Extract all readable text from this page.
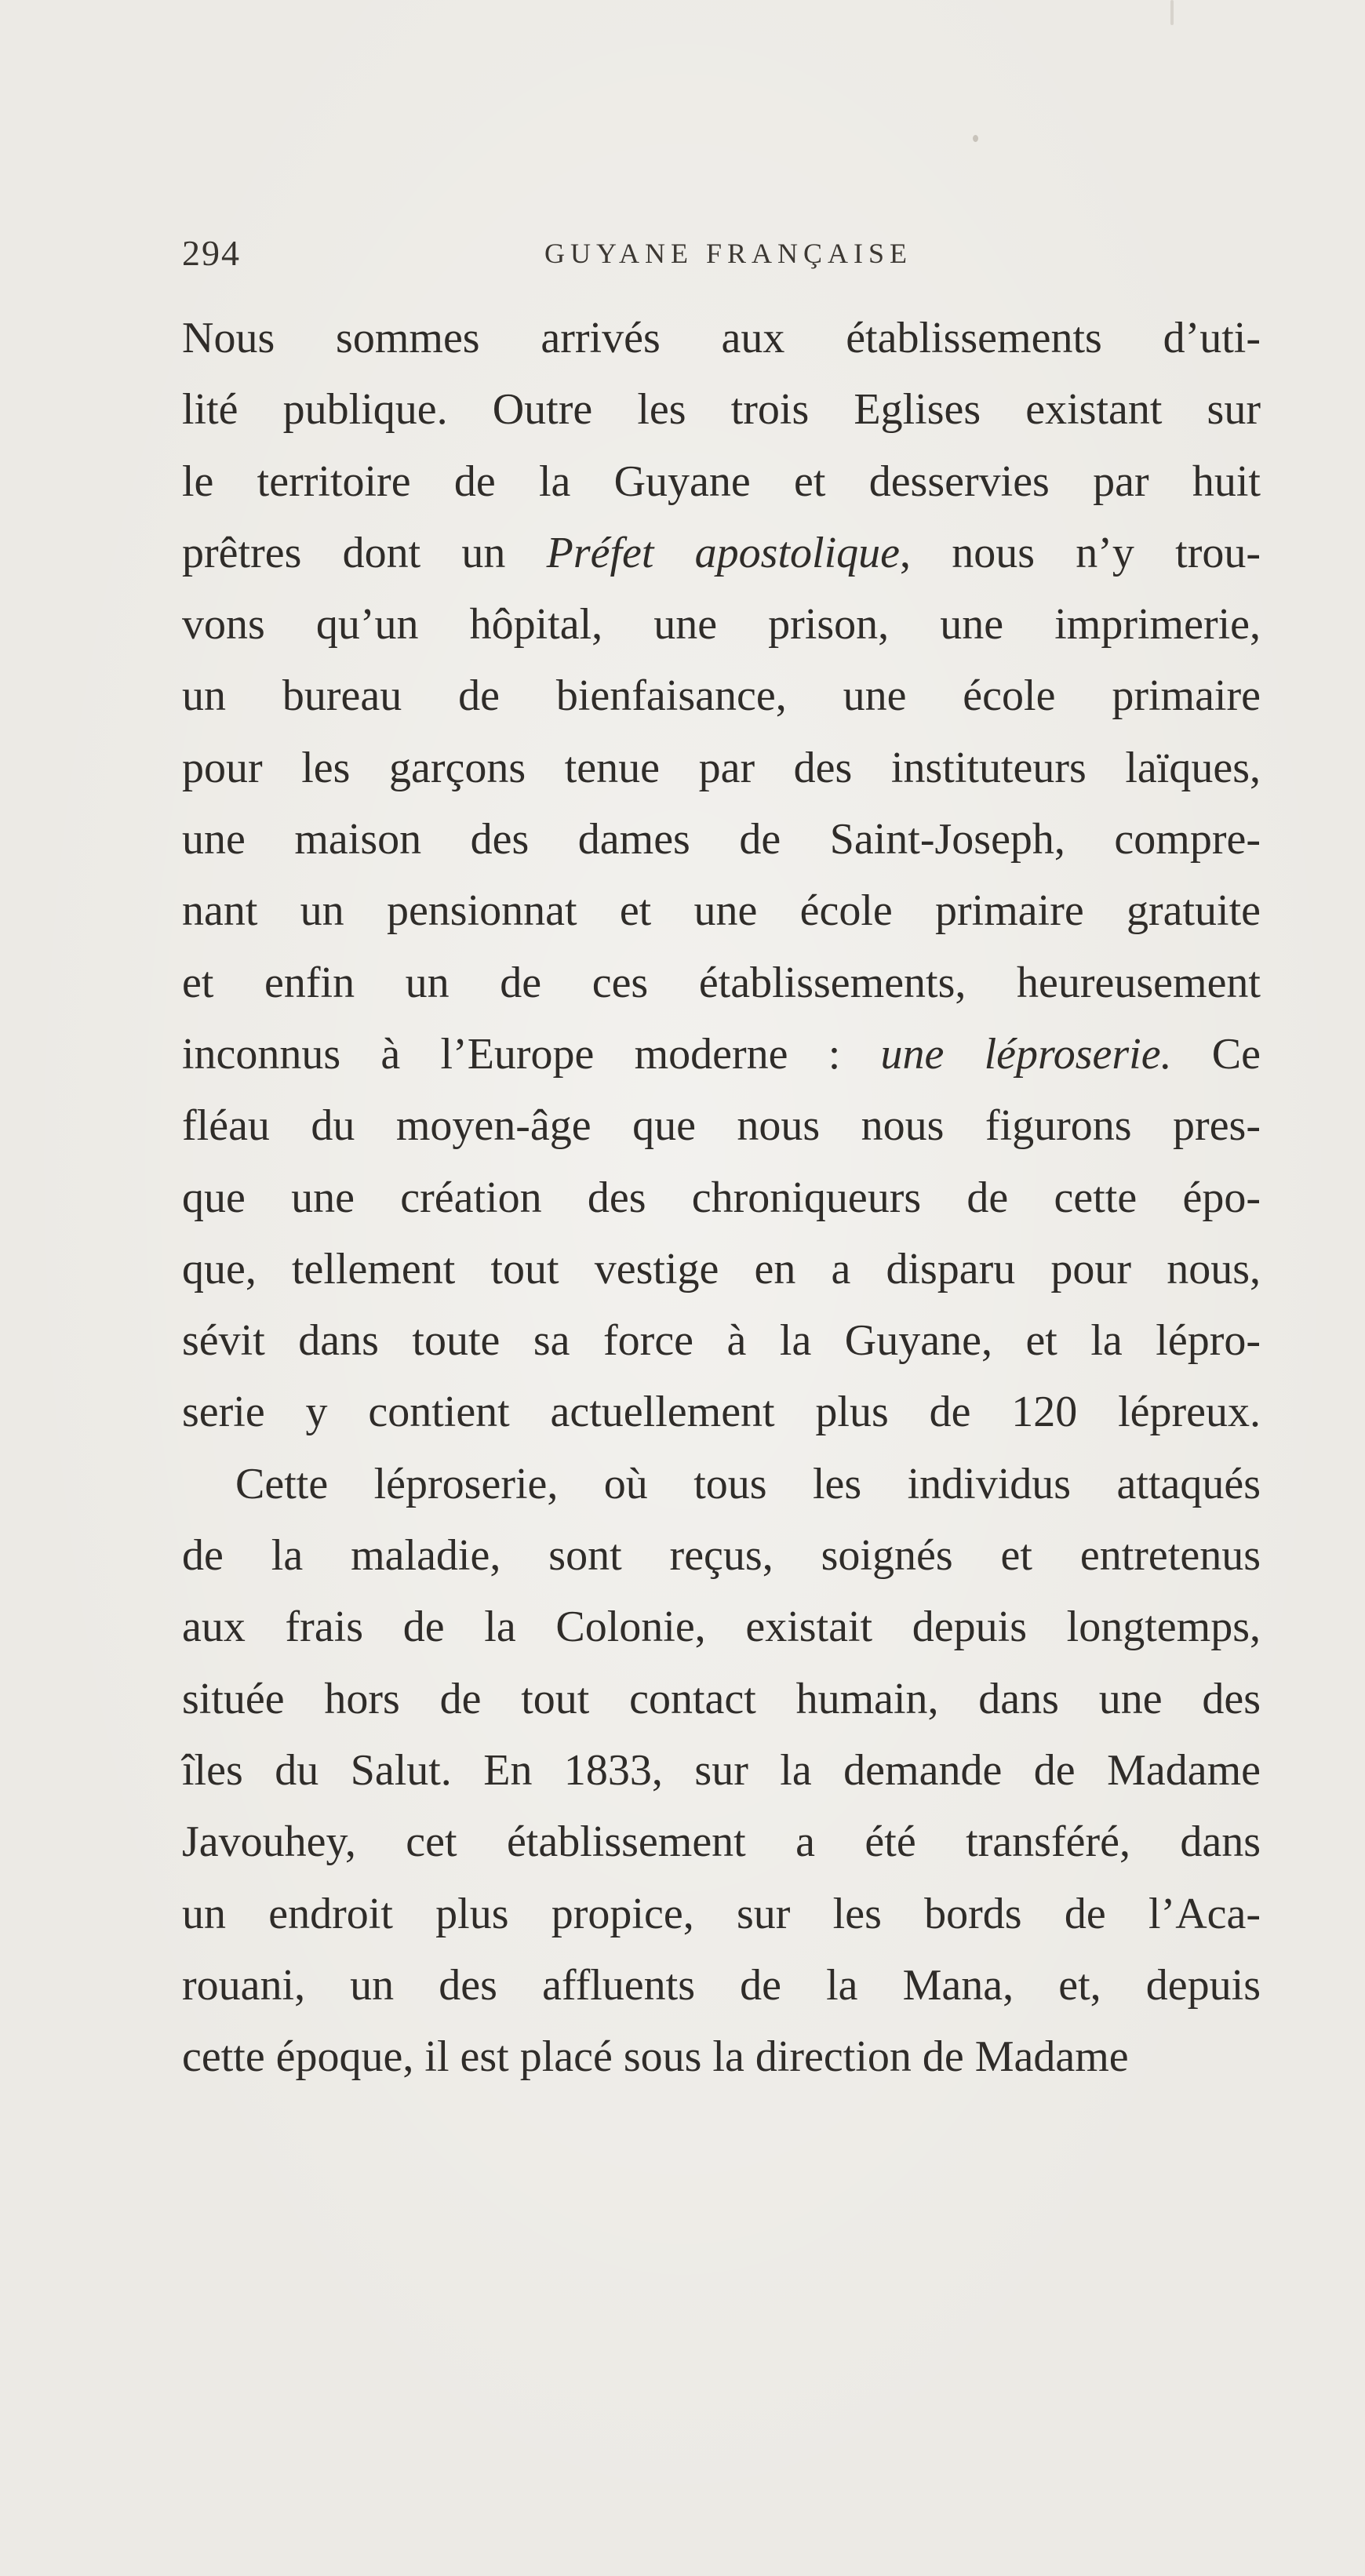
294	GUYANE FRANÇAISE
Nous sommes arrivés aux établissements d’uti-
lité publique. Outre les trois Eglises existant sur
le territoire de la Guyane et desservies par huit
prêtres dont un Préfet apostolique, nous n’y trou-
vons qu’un hôpital, une prison, une imprimerie,
un bureau de bienfaisance, une école primaire
pour les garçons tenue par des instituteurs laïques,
une maison des dames de Saint-Joseph, compre-
nant un pensionnat et une école primaire gratuite
et enfin un de ces établissements, heureusement
inconnus à l’Europe moderne : une léproserie. Ce
fléau du moyen-âge que nous nous figurons pres-
que une création des chroniqueurs de cette épo-
que, tellement tout vestige en a disparu pour nous,
sévit dans toute sa force à la Guyane, et la lépro-
serie y contient actuellement plus de 120 lépreux.
Cette léproserie, où tous les individus attaqués
de la maladie, sont reçus, soignés et entretenus
aux frais de la Colonie, existait depuis longtemps,
située hors de tout contact humain, dans une des
îles du Salut. En 1833, sur la demande de Madame
Javouhey, cet établissement a été transféré, dans
un endroit plus propice, sur les bords de l’Aca-
rouani, un des affluents de la Mana, et, depuis
cette époque, il est placé sous la direction de Madame
